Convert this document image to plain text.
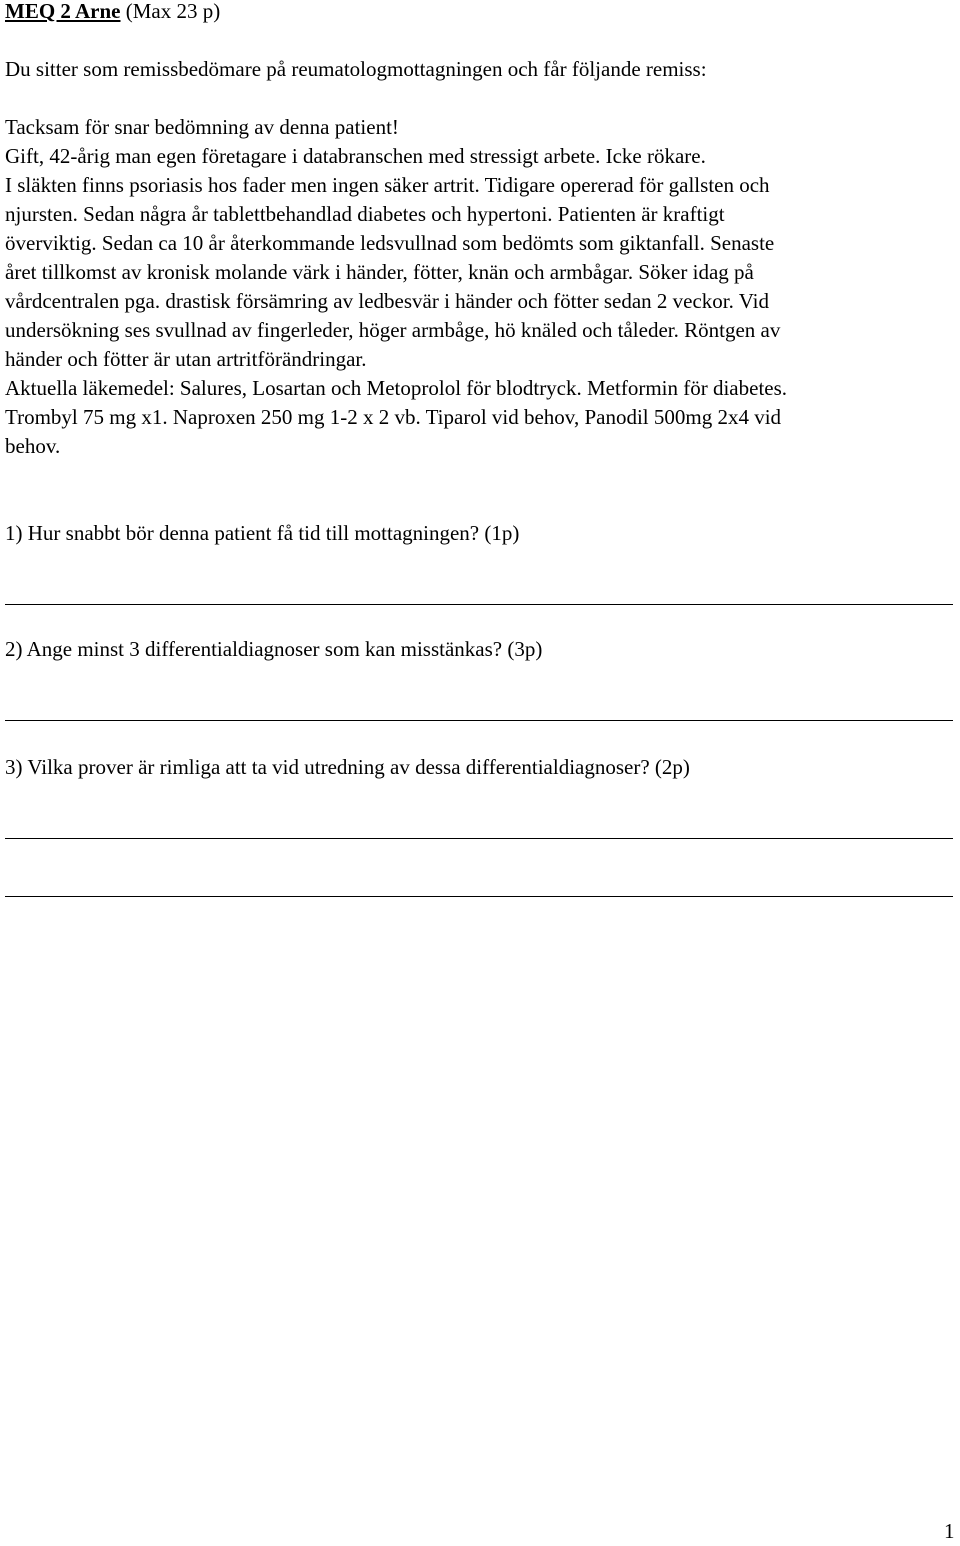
MEQ 2 Arne (Max 23 p)
Du sitter som remissbedömare på reumatologmottagningen och får följande remiss:
Tacksam för snar bedömning av denna patient!
Gift, 42-årig man egen företagare i databranschen med stressigt arbete. Icke rökare.
I släkten finns psoriasis hos fader men ingen säker artrit. Tidigare opererad för gallsten och
njursten. Sedan några år tablettbehandlad diabetes och hypertoni. Patienten är kraftigt
överviktig. Sedan ca 10 år återkommande ledsvullnad som bedömts som giktanfall. Senaste
året tillkomst av kronisk molande värk i händer, fötter, knän och armbågar. Söker idag på
vårdcentralen pga. drastisk försämring av ledbesvär i händer och fötter sedan 2 veckor. Vid
undersökning ses svullnad av fingerleder, höger armbåge, hö knäled och tåleder. Röntgen av
händer och fötter är utan artritförändringar.
Aktuella läkemedel: Salures, Losartan och Metoprolol för blodtryck. Metformin för diabetes.
Trombyl 75 mg x1. Naproxen 250 mg 1-2 x 2 vb. Tiparol vid behov, Panodil 500mg 2x4 vid
behov.
1) Hur snabbt bör denna patient få tid till mottagningen? (1p)
2) Ange minst 3 differentialdiagnoser som kan misstänkas? (3p)
3) Vilka prover är rimliga att ta vid utredning av dessa differentialdiagnoser? (2p)
1
